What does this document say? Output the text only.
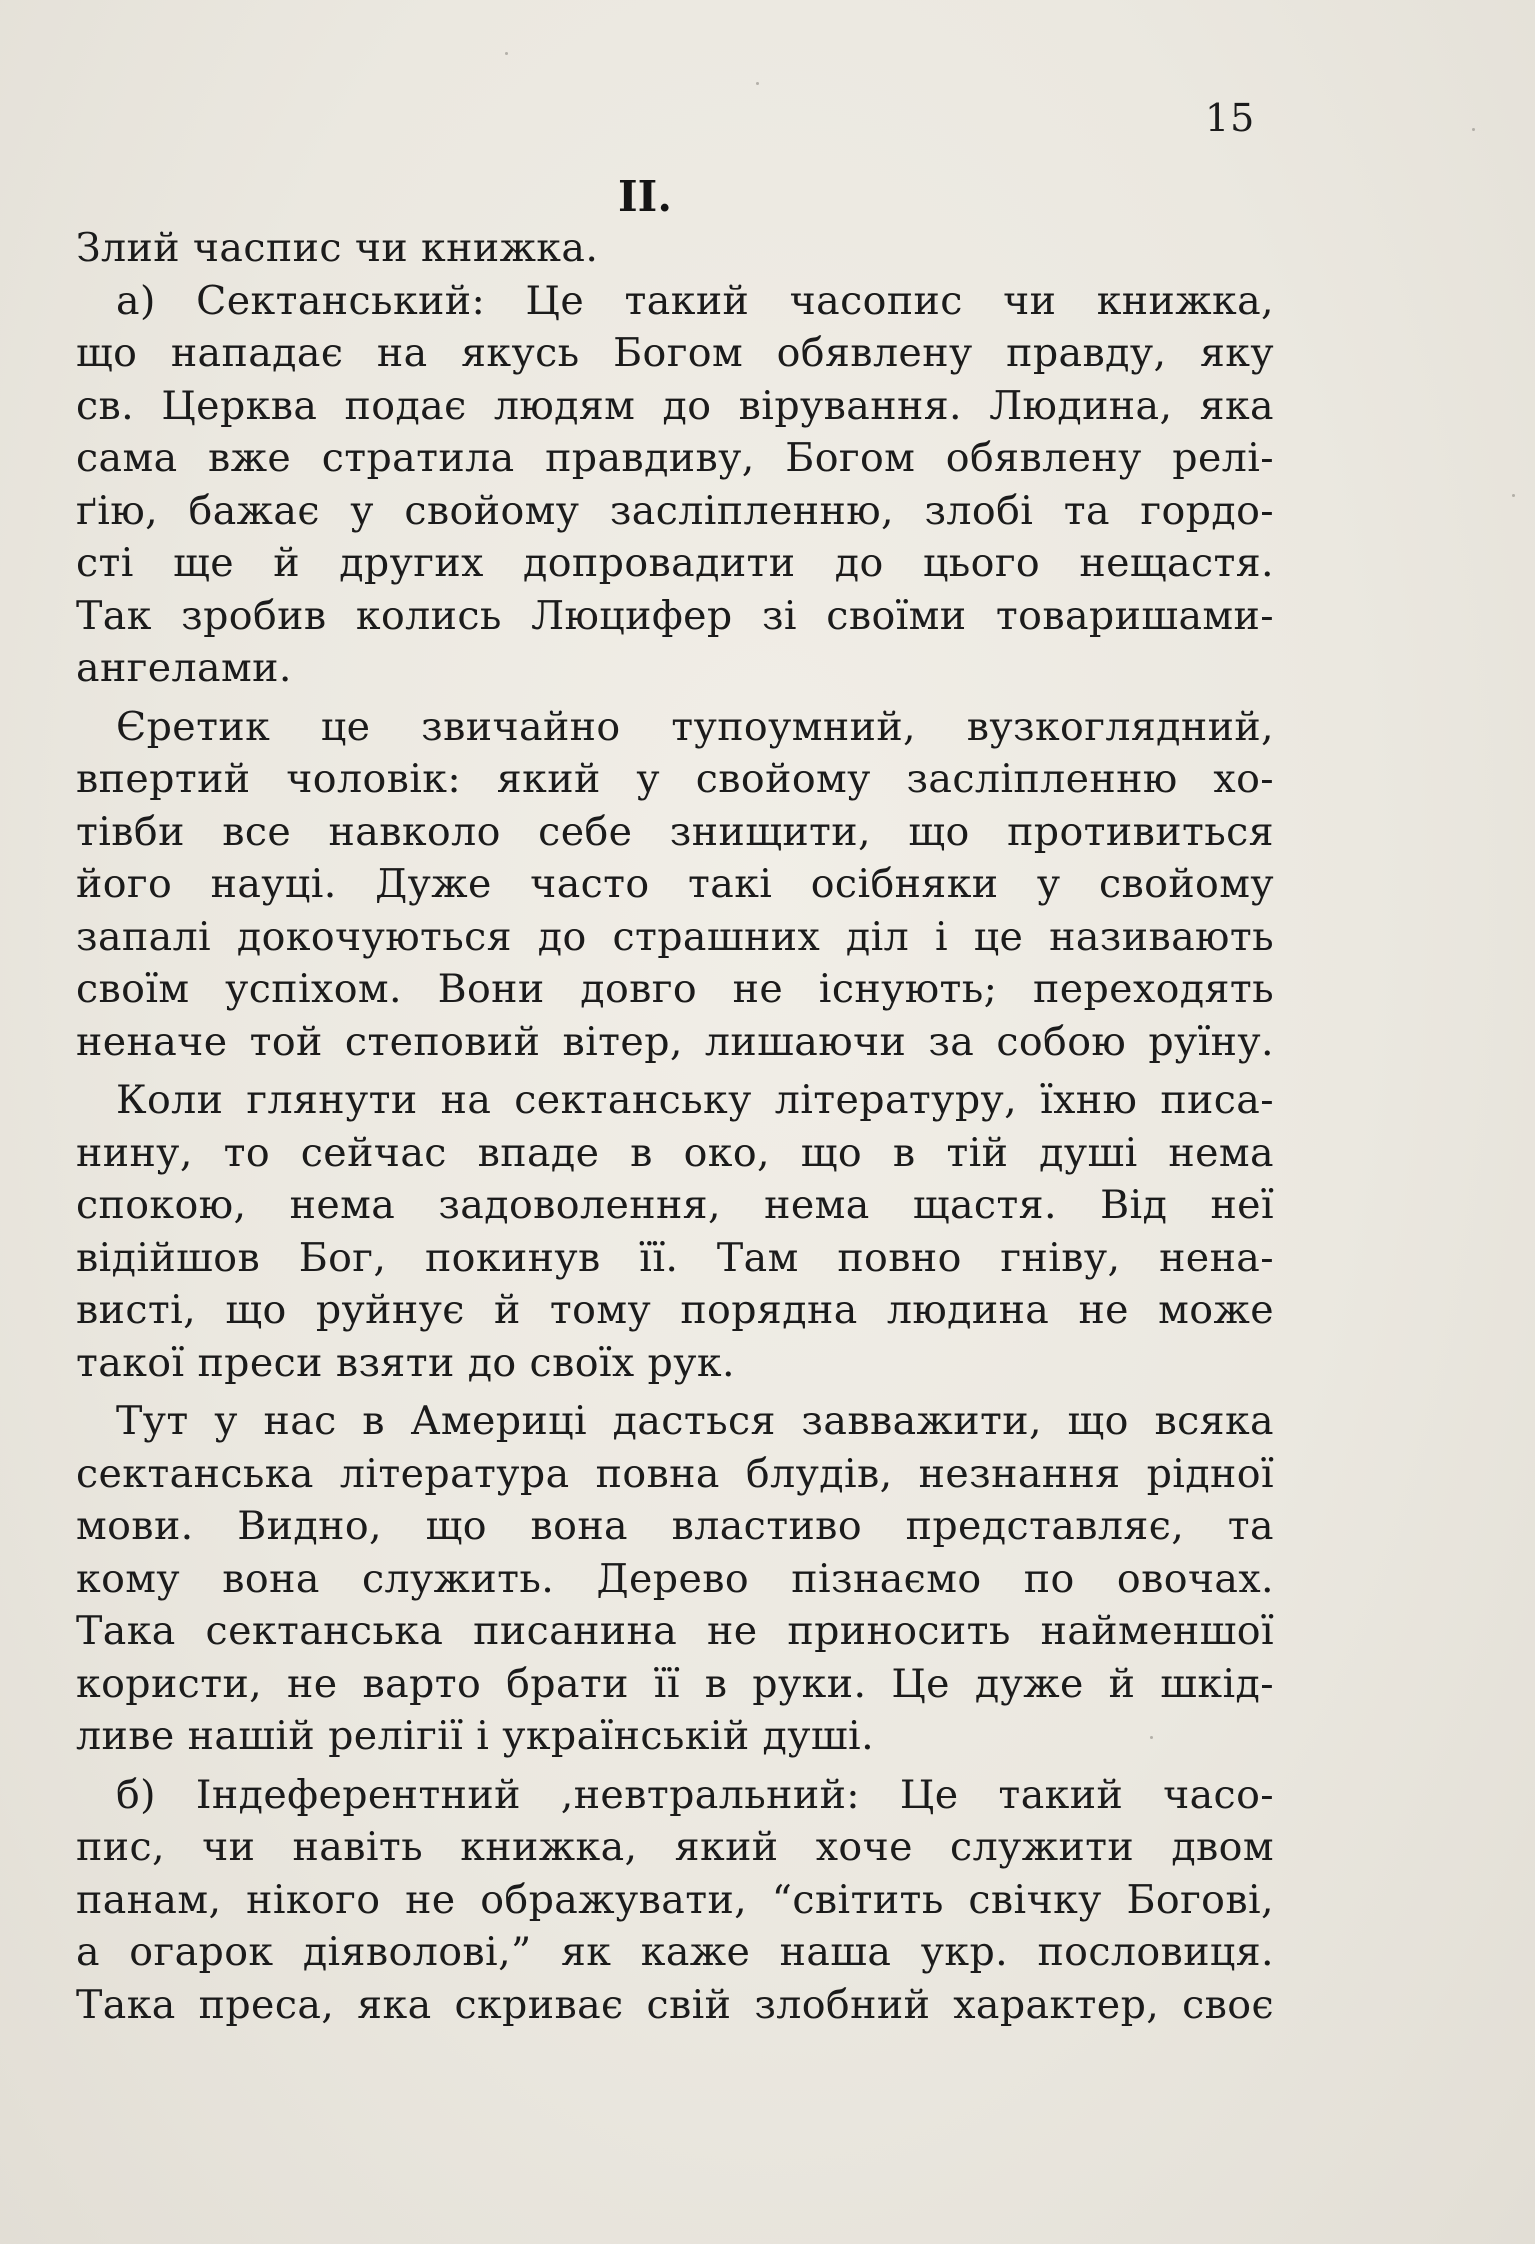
15
II.
Злий часпис чи книжка.
а) Сектанський: Це такий часопис чи книжка,
що нападає на якусь Богом обявлену правду, яку
св. Церква подає людям до вірування. Людина, яка
сама вже стратила правдиву, Богом обявлену релі-
ґію, бажає у свойому засліпленню, злобі та гордо-
сті ще й других допровадити до цього нещастя.
Так зробив колись Люцифер зі своїми товаришами-
ангелами.
Єретик це звичайно тупоумний, вузкоглядний,
впертий чоловік: який у свойому засліпленню хо-
тівби все навколо себе знищити, що противиться
його науці. Дуже часто такі осібняки у свойому
запалі докочуються до страшних діл і це називають
своїм успіхом. Вони довго не існують; переходять
неначе той степовий вітер, лишаючи за собою руїну.
Коли глянути на сектанську літературу, їхню писа-
нину, то сейчас впаде в око, що в тій душі нема
спокою, нема задоволення, нема щастя. Від неї
відійшов Бог, покинув її. Там повно гніву, нена-
висті, що руйнує й тому порядна людина не може
такої преси взяти до своїх рук.
Тут у нас в Америці дасться завважити, що всяка
сектанська література повна блудів, незнання рідної
мови. Видно, що вона властиво представляє, та
кому вона служить. Дерево пізнаємо по овочах.
Така сектанська писанина не приносить найменшої
користи, не варто брати її в руки. Це дуже й шкід-
ливе нашій релігії і українській душі.
б) Індеферентний ,невтральний: Це такий часо-
пис, чи навіть книжка, який хоче служити двом
панам, нікого не ображувати, “світить свічку Богові,
а огарок діяволові,” як каже наша укр. пословиця.
Така преса, яка скриває свій злобний характер, своє
